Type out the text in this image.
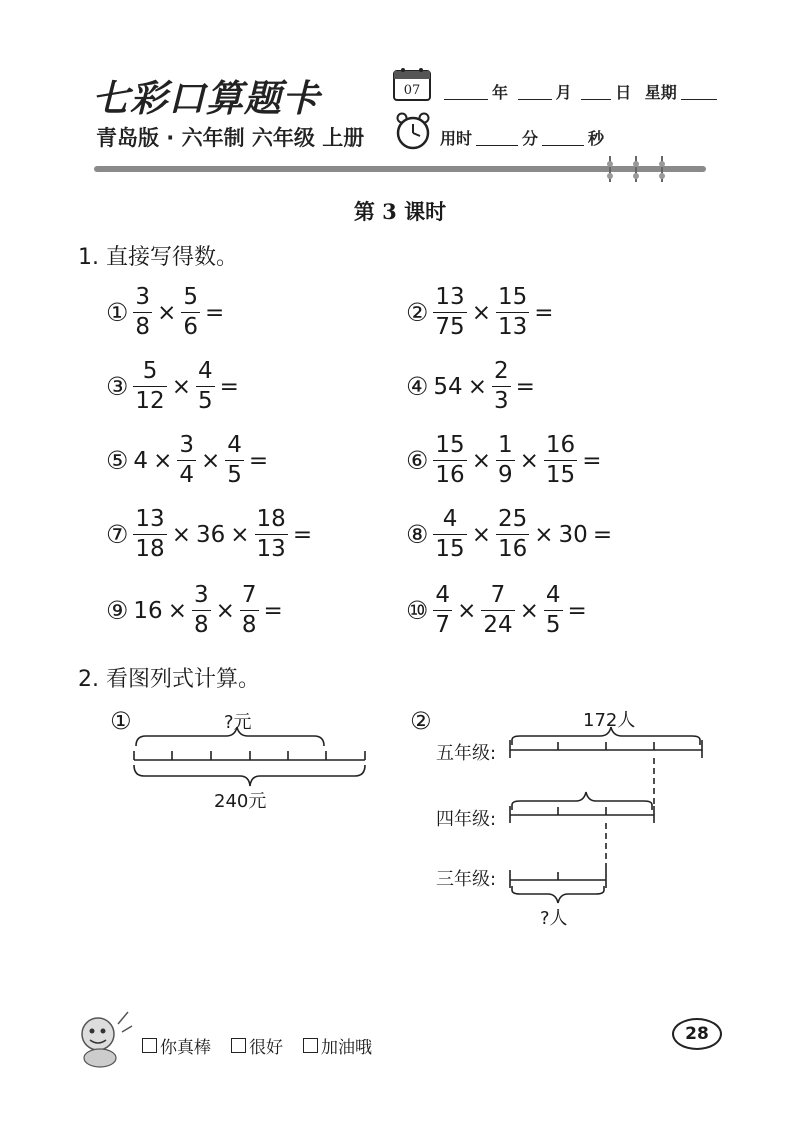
七彩口算题卡
青岛版 · 六年制 六年级 上册
07	年	月	日 星期
用时	分	秒
第 3 课时
1. 直接写得数。
① $\frac{3}{8} \times \frac{5}{6}$ =	② $\frac{13}{75} \times \frac{15}{13}$ =
③ $\frac{5}{12} \times \frac{4}{5}$ =	④ $54 \times \frac{2}{3}$ =
⑤ $4 \times \frac{3}{4} \times \frac{4}{5}$ =	⑥ $\frac{15}{16} \times \frac{1}{9} \times \frac{16}{15}$ =
⑦ $\frac{13}{18} \times 36 \times \frac{18}{13}$ =	⑧ $\frac{4}{15} \times \frac{25}{16} \times 30$ =
⑨ $16 \times \frac{3}{8} \times \frac{7}{8}$ =	⑩ $\frac{4}{7} \times \frac{7}{24} \times \frac{4}{5}$ =
2. 看图列式计算。
①	?元
240元
②	172人
五年级:
四年级:
三年级:
?人
你真棒 很好 加油哦
28
